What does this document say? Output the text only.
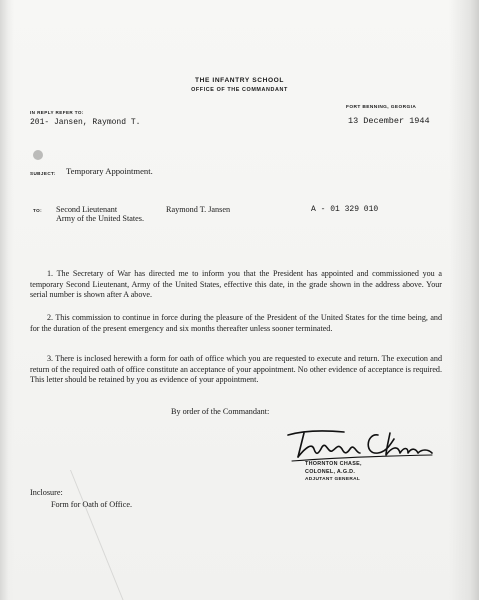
THE INFANTRY SCHOOL
OFFICE OF THE COMMANDANT
IN REPLY REFER TO:
201- Jansen, Raymond T.
FORT BENNING, GEORGIA
13 December 1944
SUBJECT: Temporary Appointment.
TO: Second Lieutenant	Raymond T. Jansen
Army of the United States.
A - 01 329 010
1. The Secretary of War has directed me to inform you that the President has appointed and commissioned you a temporary Second Lieutenant, Army of the United States, effective this date, in the grade shown in the address above. Your serial number is shown after A above.
2. This commission to continue in force during the pleasure of the President of the United States for the time being, and for the duration of the present emergency and six months thereafter unless sooner terminated.
3. There is inclosed herewith a form for oath of office which you are requested to execute and return. The execution and return of the required oath of office constitute an acceptance of your appointment. No other evidence of acceptance is required. This letter should be retained by you as evidence of your appointment.
By order of the Commandant:
THORNTON CHASE,
COLONEL, A.G.D.
ADJUTANT GENERAL
Inclosure:
Form for Oath of Office.
